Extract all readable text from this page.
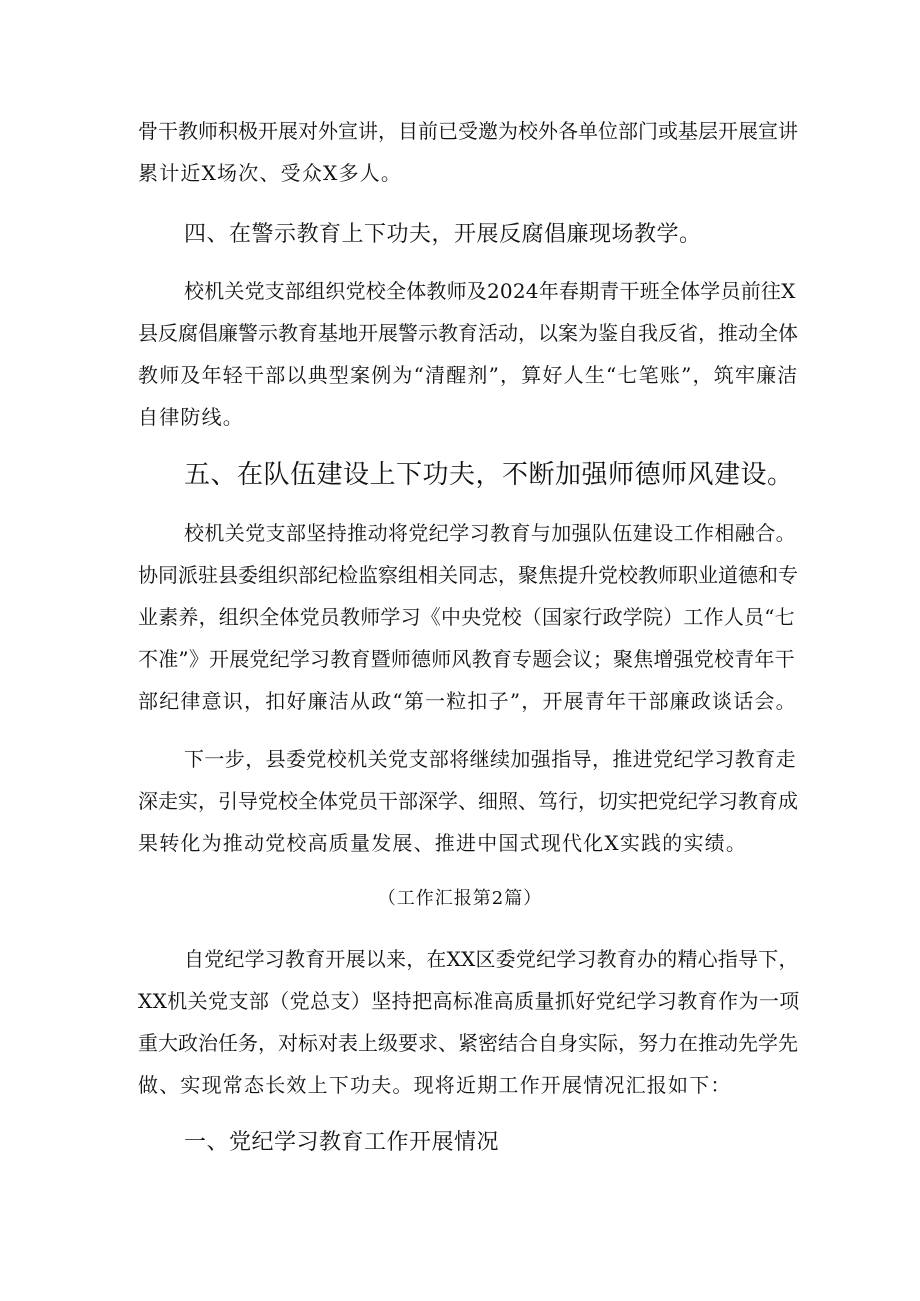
骨干教师积极开展对外宣讲，目前已受邀为校外各单位部门或基层开展宣讲
累计近X场次、受众X多人。
四、在警示教育上下功夫，开展反腐倡廉现场教学。
校机关党支部组织党校全体教师及2024年春期青干班全体学员前往X
县反腐倡廉警示教育基地开展警示教育活动，以案为鉴自我反省，推动全体
教师及年轻干部以典型案例为“清醒剂”，算好人生“七笔账”，筑牢廉洁
自律防线。
五、在队伍建设上下功夫，不断加强师德师风建设。
校机关党支部坚持推动将党纪学习教育与加强队伍建设工作相融合。
协同派驻县委组织部纪检监察组相关同志，聚焦提升党校教师职业道德和专
业素养，组织全体党员教师学习《中央党校（国家行政学院）工作人员“七
不准”》开展党纪学习教育暨师德师风教育专题会议；聚焦增强党校青年干
部纪律意识，扣好廉洁从政“第一粒扣子”，开展青年干部廉政谈话会。
下一步，县委党校机关党支部将继续加强指导，推进党纪学习教育走
深走实，引导党校全体党员干部深学、细照、笃行，切实把党纪学习教育成
果转化为推动党校高质量发展、推进中国式现代化X实践的实绩。
（工作汇报第2篇）
自党纪学习教育开展以来，在XX区委党纪学习教育办的精心指导下，
XX机关党支部（党总支）坚持把高标准高质量抓好党纪学习教育作为一项
重大政治任务，对标对表上级要求、紧密结合自身实际，努力在推动先学先
做、实现常态长效上下功夫。现将近期工作开展情况汇报如下：
一、党纪学习教育工作开展情况
